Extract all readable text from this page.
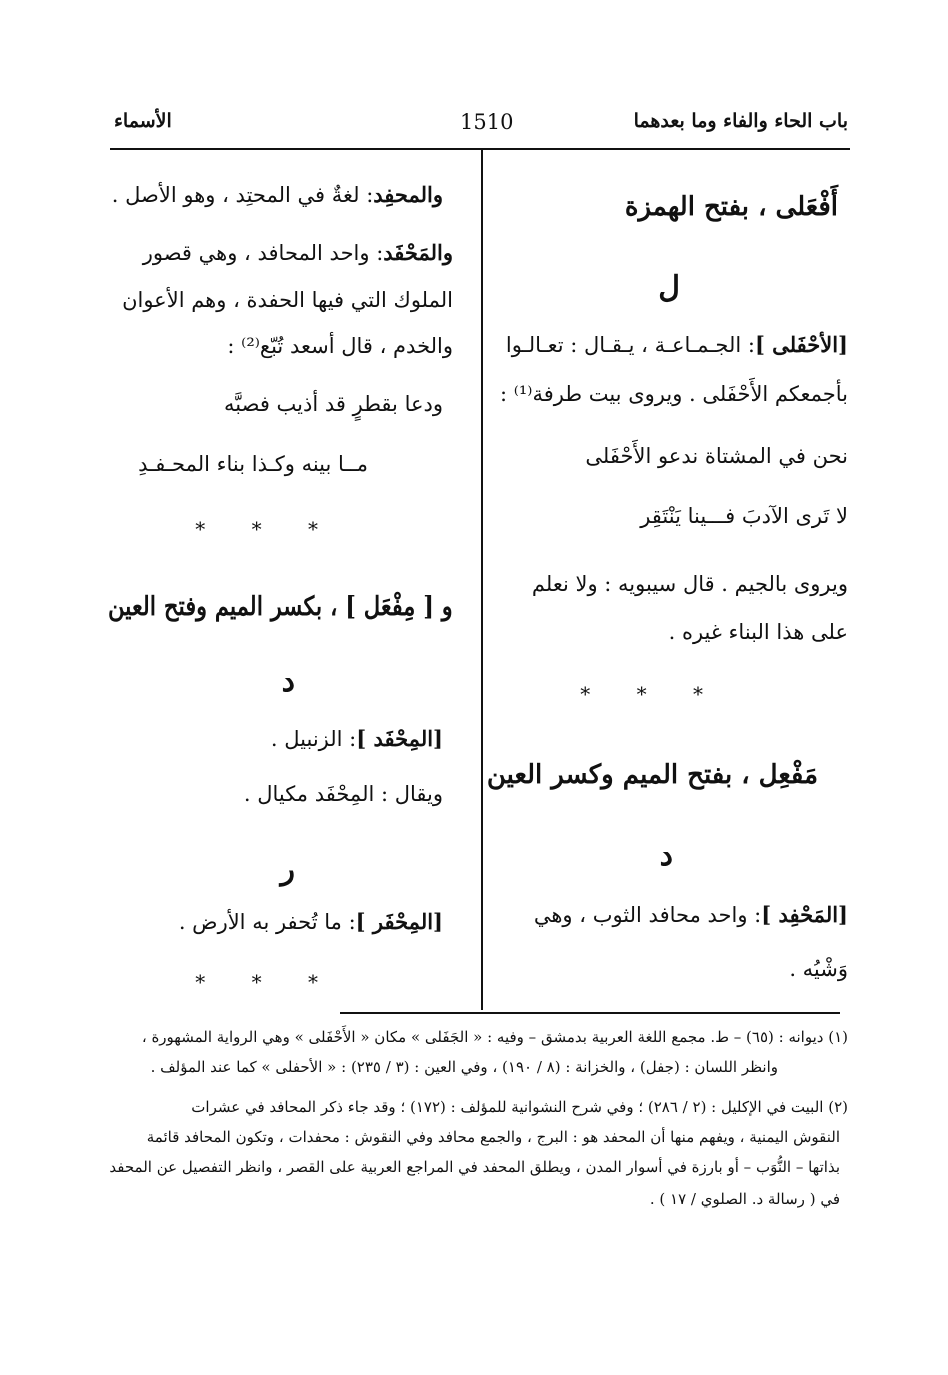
باب الحاء والفاء وما بعدهما
1510
الأسماء
أَفْعَلى ، بفتح الهمزة
ل
[الأحْفَلى ]: الجـمـاعـة ، يـقـال : تعـالـوا
بأجمعكم الأَحْفَلى . ويروى بيت طرفة⁽¹⁾ :
نحن في المشتاة ندعو الأَحْفَلى
لا تَرى الآدبَ فـــينا يَنْتَقِر
ويروى بالجيم . قال سيبويه : ولا نعلم
على هذا البناء غيره .
* * *
مَفْعِل ، بفتح الميم وكسر العين
د
[المَحْفِد ]: واحد محافد الثوب ، وهي
وَشْيُه .
والمحفِد: لغةٌ في المحتِد ، وهو الأصل .
والمَحْفَد: واحد المحافد ، وهي قصور
الملوك التي فيها الحفدة ، وهم الأعوان
والخدم ، قال أسعد تُبّع⁽²⁾ :
ودعا بقطرٍ قد أذيب فصبَّه
مــا بينه وكـذا بناء المحـفـدِ
* * *
و [ مِفْعَل ] ، بكسر الميم وفتح العين
د
[المِحْفَد ]: الزنبيل .
ويقال : المِحْفَد مكيال .
ر
[المِحْفَر ]: ما تُحفر به الأرض .
* * *
(١) ديوانه : (٦٥) – ط. مجمع اللغة العربية بدمشق – وفيه : « الجَفَلى » مكان « الأَحْفَلى » وهي الرواية المشهورة ،
وانظر اللسان : (جفل) ، والخزانة : (٨ / ١٩٠) ، وفي العين : (٣ / ٢٣٥) : « الأحفلى » كما عند المؤلف .
(٢) البيت في الإكليل : (٢ / ٢٨٦) ؛ وفي شرح النشوانية للمؤلف : (١٧٢) ؛ وقد جاء ذكر المحافد في عشرات
النقوش اليمنية ، ويفهم منها أن المحفد هو : البرج ، والجمع محافد وفي النقوش : محفدات ، وتكون المحافد قائمة
بذاتها – النُّوَب – أو بارزة في أسوار المدن ، ويطلق المحفد في المراجع العربية على القصر ، وانظر التفصيل عن المحفد
في ( رسالة د. الصلوي / ١٧ ) .
